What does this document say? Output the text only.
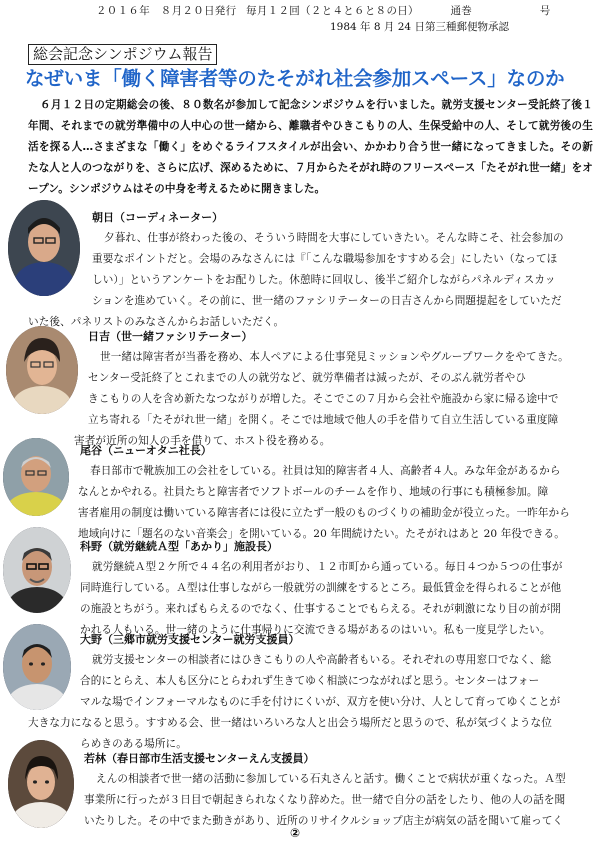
２０１６年　８月２０日発行 毎月１２回（２と４と６と８の日）	通巻	号
1984 年 8 月 24 日第三種郵便物承認
総会記念シンポジウム報告
なぜいま「働く障害者等のたそがれ社会参加スペース」なのか
６月１２日の定期総会の後、８０数名が参加して記念シンポジウムを行いました。就労支援センター受託終了後１年間、それまでの就労準備中の人中心の世一緒から、離職者やひきこもりの人、生保受給中の人、そして就労後の生活を探る人…さまざまな「働く」をめぐるライフスタイルが出会い、かかわり合う世一緒になってきました。その新たな人と人のつながりを、さらに広げ、深めるために、７月からたそがれ時のフリースペース「たそがれ世一緒」をオープン。シンポジウムはその中身を考えるために開きました。
朝日（コーディネーター）
夕暮れ、仕事が終わった後の、そういう時間を大事にしていきたい。そんな時こそ、社会参加の
重要なポイントだと。会場のみなさんには『「こんな職場参加をすすめる会」にしたい（なってほ
しい）」というアンケートをお配りした。休憩時に回収し、後半ご紹介しながらパネルディスカッ
ションを進めていく。その前に、世一緒のファシリテーターの日吉さんから問題提起をしていただ
いた後、パネリストのみなさんからお話しいただく。
日吉（世一緒ファシリテーター）
世一緒は障害者が当番を務め、本人ペアによる仕事発見ミッションやグループワークをやてきた。
センター受託終了とこれまでの人の就労など、就労準備者は減ったが、そのぶん就労者やひ
きこもりの人を含め新たなつながりが増した。そこでこの７月から会社や施設から家に帰る途中で
立ち寄れる「たそがれ世一緒」を開く。そこでは地域で他人の手を借りて自立生活している重度障
害者が近所の知人の手を借りて、ホスト役を務める。
尾谷（ニューオタニ社長）
春日部市で靴族加工の会社をしている。社員は知的障害者４人、高齢者４人。みな年金があるから
なんとかやれる。社員たちと障害者でソフトボールのチームを作り、地域の行事にも積極参加。障
害者雇用の制度は働いている障害者には役に立たず一般のものづくりの補助金が役立った。一昨年から
地域向けに「題名のない音楽会」を開いている。20 年間続けたい。たそがれはあと 20 年役できる。
科野（就労継続Ａ型「あかり」施設長）
就労継続Ａ型２ケ所で４４名の利用者がおり、１２市町から通っている。毎日４つか５つの仕事が
同時進行している。Ａ型は仕事しながら一般就労の訓練をするところ。最低賃金を得られることが他
の施設とちがう。来ればもらえるのでなく、仕事することでもらえる。それが刺激になり目の前が開
かれる人もいる。世一緒のように仕事帰りに交流できる場があるのはいい。私も一度見学したい。
大野（三郷市就労支援センター就労支援員）
就労支援センターの相談者にはひきこもりの人や高齢者もいる。それぞれの専用窓口でなく、総
合的にとらえ、本人も区分にとらわれず生きてゆく相談につながればと思う。センターはフォー
マルな場でインフォーマルなものに手を付けにくいが、双方を使い分け、人として育ってゆくことが
大きな力になると思う。すすめる会、世一緒はいろいろな人と出会う場所だと思うので、私が気づくような位
らめきのある場所に。
若林（春日部市生活支援センターえん支援員）
えんの相談者で世一緒の活動に参加している石丸さんと話す。働くことで病状が重くなった。Ａ型
事業所に行ったが３日目で朝起きられなくなり辞めた。世一緒で自分の話をしたり、他の人の話を聞
いたりした。その中でまた動きがあり、近所のリサイクルショップ店主が病気の話を聞いて雇ってく
②
